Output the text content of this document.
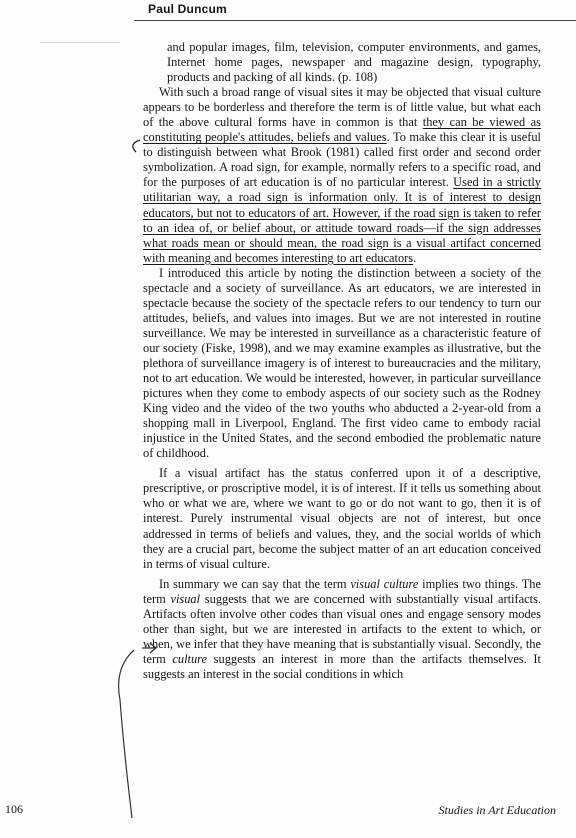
Paul Duncum

and popular images, film, television, computer environments, and games, Internet home pages, newspaper and magazine design, typography, products and packing of all kinds. (p. 108)

With such a broad range of visual sites it may be objected that visual culture appears to be borderless and therefore the term is of little value, but what each of the above cultural forms have in common is that they can be viewed as constituting people's attitudes, beliefs and values. To make this clear it is useful to distinguish between what Brook (1981) called first order and second order symbolization. A road sign, for example, normally refers to a specific road, and for the purposes of art education is of no particular interest. Used in a strictly utilitarian way, a road sign is information only. It is of interest to design educators, but not to educators of art. However, if the road sign is taken to refer to an idea of, or belief about, or attitude toward roads—if the sign addresses what roads mean or should mean, the road sign is a visual artifact concerned with meaning and becomes interesting to art educators.

I introduced this article by noting the distinction between a society of the spectacle and a society of surveillance. As art educators, we are interested in spectacle because the society of the spectacle refers to our tendency to turn our attitudes, beliefs, and values into images. But we are not interested in routine surveillance. We may be interested in surveillance as a characteristic feature of our society (Fiske, 1998), and we may examine examples as illustrative, but the plethora of surveillance imagery is of interest to bureaucracies and the military, not to art education. We would be interested, however, in particular surveillance pictures when they come to embody aspects of our society such as the Rodney King video and the video of the two youths who abducted a 2-year-old from a shopping mall in Liverpool, England. The first video came to embody racial injustice in the United States, and the second embodied the problematic nature of childhood.

If a visual artifact has the status conferred upon it of a descriptive, prescriptive, or proscriptive model, it is of interest. If it tells us something about who or what we are, where we want to go or do not want to go, then it is of interest. Purely instrumental visual objects are not of interest, but once addressed in terms of beliefs and values, they, and the social worlds of which they are a crucial part, become the subject matter of an art education conceived in terms of visual culture.

In summary we can say that the term visual culture implies two things. The term visual suggests that we are concerned with substantially visual artifacts. Artifacts often involve other codes than visual ones and engage sensory modes other than sight, but we are interested in artifacts to the extent to which, or when, we infer that they have meaning that is substantially visual. Secondly, the term culture suggests an interest in more than the artifacts themselves. It suggests an interest in the social conditions in which

106	Studies in Art Education
